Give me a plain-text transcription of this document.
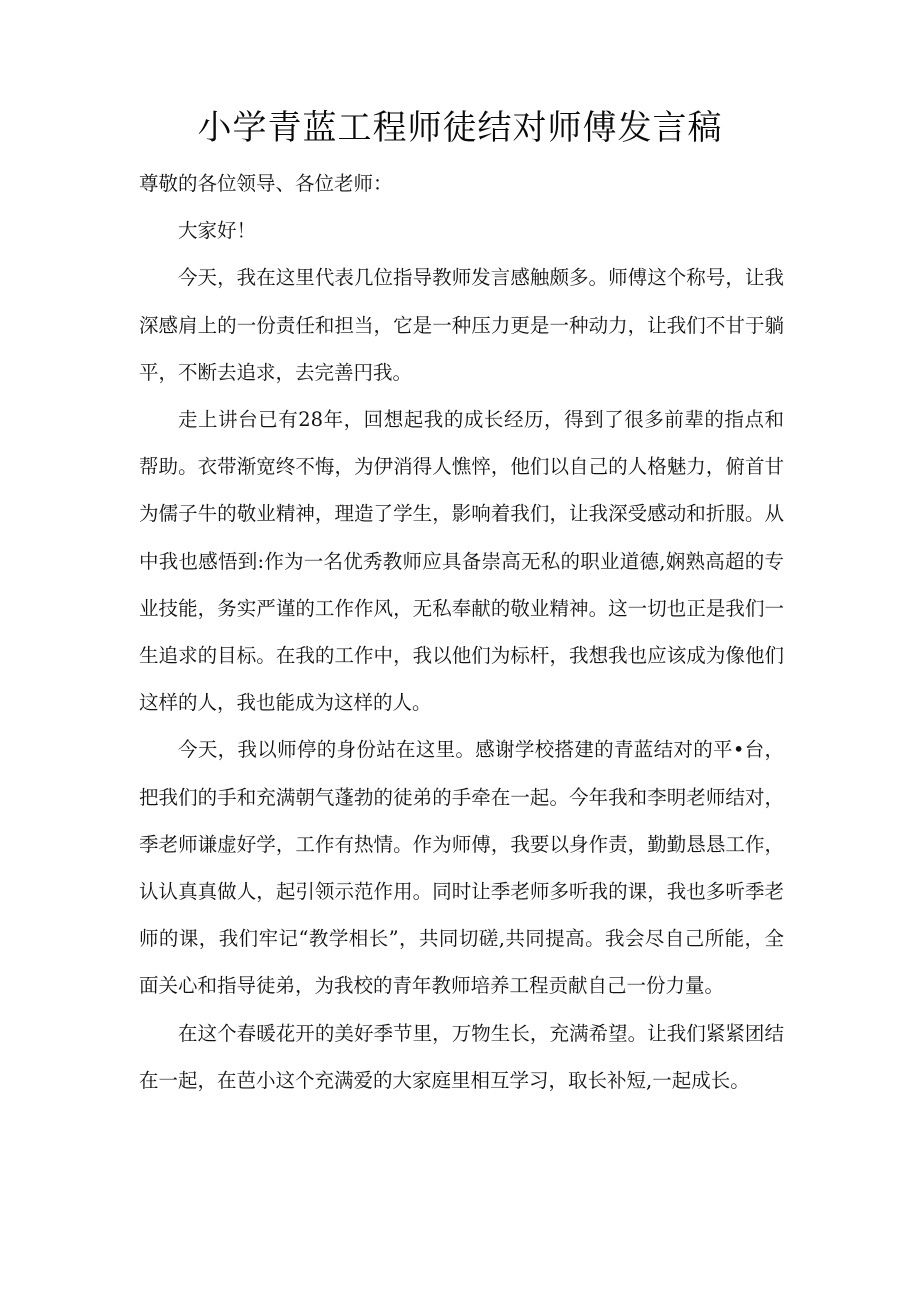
小学青蓝工程师徒结对师傅发言稿

尊敬的各位领导、各位老师：

大家好！

今天，我在这里代表几位指导教师发言感触颇多。师傅这个称号，让我深感肩上的一份责任和担当，它是一种压力更是一种动力，让我们不甘于躺平，不断去追求，去完善円我。

走上讲台已有28年，回想起我的成长经历，得到了很多前辈的指点和帮助。衣带渐宽终不悔，为伊消得人憔悴，他们以自己的人格魅力，俯首甘为儒子牛的敬业精神，理造了学生，影响着我们，让我深受感动和折服。从中我也感悟到:作为一名优秀教师应具备崇高无私的职业道德,娴熟高超的专业技能，务实严谨的工作作风，无私奉献的敬业精神。这一切也正是我们一生追求的目标。在我的工作中，我以他们为标杆，我想我也应该成为像他们这样的人，我也能成为这样的人。

今天，我以师停的身份站在这里。感谢学校搭建的青蓝结对的平•台，把我们的手和充满朝气蓬勃的徒弟的手牵在一起。今年我和李明老师结对，季老师谦虚好学，工作有热情。作为师傅，我要以身作责，勤勤恳恳工作，认认真真做人，起引领示范作用。同时让季老师多听我的课，我也多听季老师的课，我们牢记“教学相长”，共同切磋,共同提高。我会尽自己所能，全面关心和指导徒弟，为我校的青年教师培养工程贡献自己一份力量。

在这个春暖花开的美好季节里，万物生长，充满希望。让我们紧紧团结在一起，在芭小这个充满爱的大家庭里相互学习，取长补短,一起成长。
